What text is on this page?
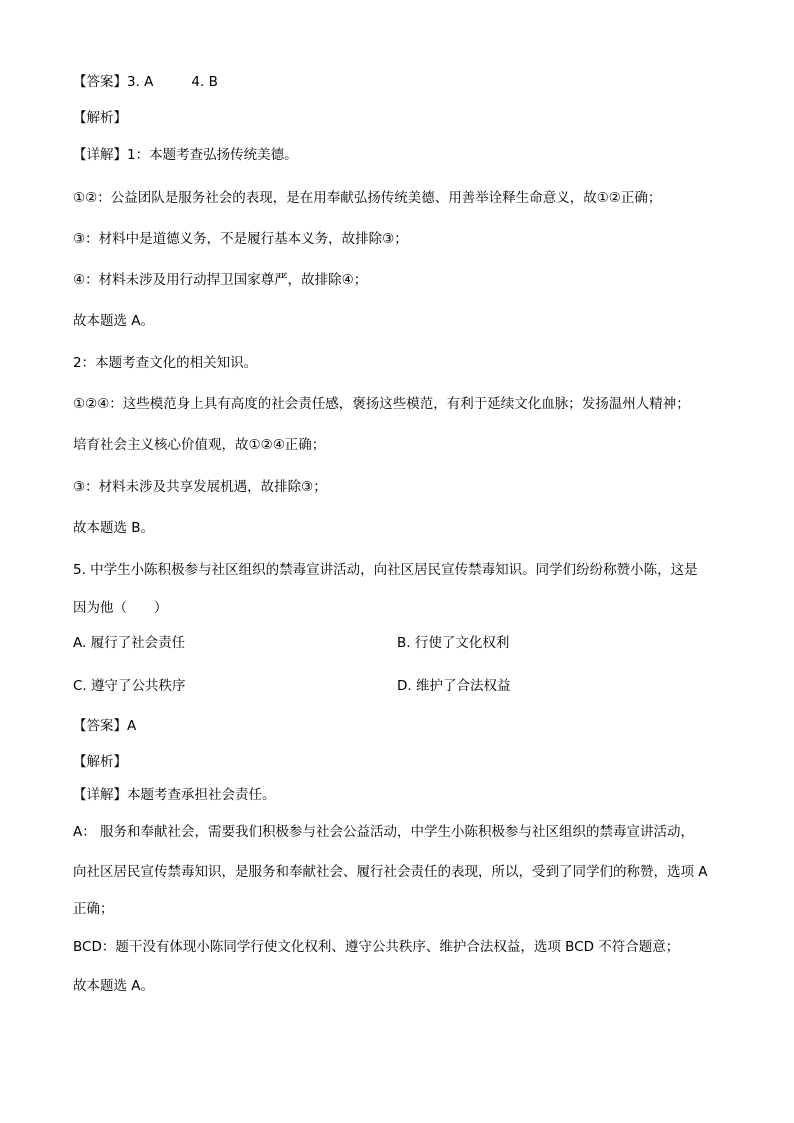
【答案】3. A	4. B
【解析】
【详解】1：本题考查弘扬传统美德。
①②：公益团队是服务社会的表现，是在用奉献弘扬传统美德、用善举诠释生命意义，故①②正确；
③：材料中是道德义务，不是履行基本义务，故排除③；
④：材料未涉及用行动捍卫国家尊严，故排除④；
故本题选 A。
2：本题考查文化的相关知识。
①②④：这些模范身上具有高度的社会责任感，褒扬这些模范，有利于延续文化血脉；发扬温州人精神；
培育社会主义核心价值观，故①②④正确；
③：材料未涉及共享发展机遇，故排除③；
故本题选 B。
5. 中学生小陈积极参与社区组织的禁毒宣讲活动，向社区居民宣传禁毒知识。同学们纷纷称赞小陈，这是
因为他（　　）
A. 履行了社会责任	B. 行使了文化权利
C. 遵守了公共秩序	D. 维护了合法权益
【答案】A
【解析】
【详解】本题考查承担社会责任。
A： 服务和奉献社会，需要我们积极参与社会公益活动，中学生小陈积极参与社区组织的禁毒宣讲活动，
向社区居民宣传禁毒知识，是服务和奉献社会、履行社会责任的表现，所以，受到了同学们的称赞，选项 A
正确；
BCD：题干没有体现小陈同学行使文化权利、遵守公共秩序、维护合法权益，选项 BCD 不符合题意；
故本题选 A。
